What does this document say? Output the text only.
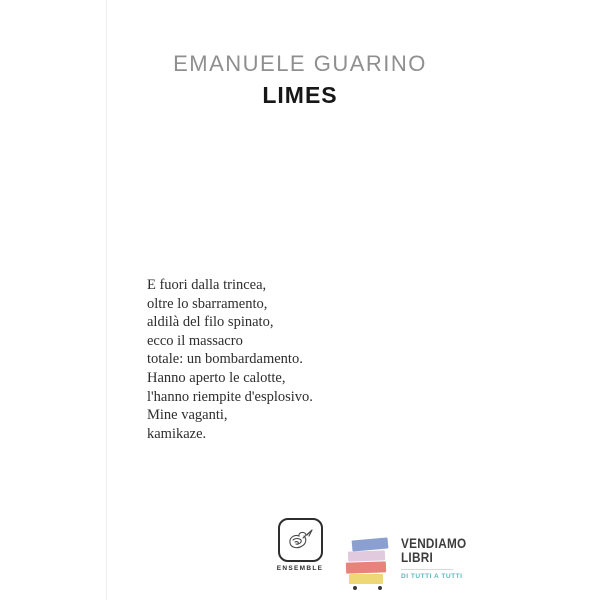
EMANUELE GUARINO
LIMES
E fuori dalla trincea,
oltre lo sbarramento,
aldilà del filo spinato,
ecco il massacro
totale: un bombardamento.
Hanno aperto le calotte,
l'hanno riempite d'esplosivo.
Mine vaganti,
kamikaze.
ENSEMBLE
VENDIAMO
LIBRI
DI TUTTI A TUTTI
